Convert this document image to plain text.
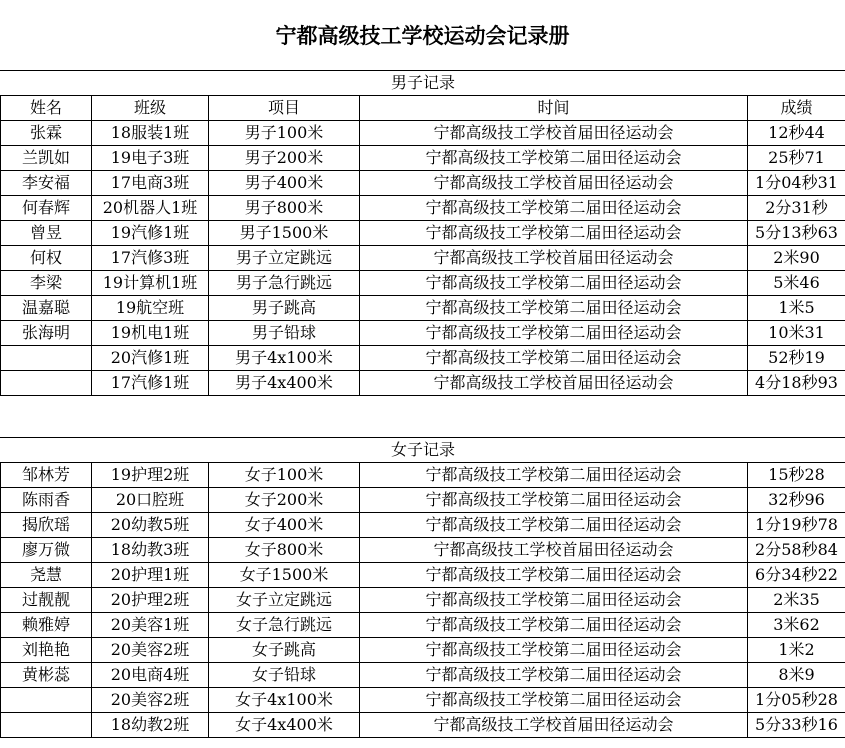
宁都高级技工学校运动会记录册
男子记录				
姓名	班级	项目	时间	成绩
张霖	18服装1班	男子100米	宁都高级技工学校首届田径运动会	12秒44
兰凯如	19电子3班	男子200米	宁都高级技工学校第二届田径运动会	25秒71
李安福	17电商3班	男子400米	宁都高级技工学校首届田径运动会	1分04秒31
何春辉	20机器人1班	男子800米	宁都高级技工学校第二届田径运动会	2分31秒
曾昱	19汽修1班	男子1500米	宁都高级技工学校第二届田径运动会	5分13秒63
何权	17汽修3班	男子立定跳远	宁都高级技工学校首届田径运动会	2米90
李梁	19计算机1班	男子急行跳远	宁都高级技工学校第二届田径运动会	5米46
温嘉聪	19航空班	男子跳高	宁都高级技工学校第二届田径运动会	1米5
张海明	19机电1班	男子铅球	宁都高级技工学校第二届田径运动会	10米31
	20汽修1班	男子4x100米	宁都高级技工学校第二届田径运动会	52秒19
	17汽修1班	男子4x400米	宁都高级技工学校首届田径运动会	4分18秒93
女子记录				
邹林芳	19护理2班	女子100米	宁都高级技工学校第二届田径运动会	15秒28
陈雨香	20口腔班	女子200米	宁都高级技工学校第二届田径运动会	32秒96
揭欣瑶	20幼教5班	女子400米	宁都高级技工学校第二届田径运动会	1分19秒78
廖万微	18幼教3班	女子800米	宁都高级技工学校首届田径运动会	2分58秒84
尧慧	20护理1班	女子1500米	宁都高级技工学校第二届田径运动会	6分34秒22
过靓靓	20护理2班	女子立定跳远	宁都高级技工学校第二届田径运动会	2米35
赖雅婷	20美容1班	女子急行跳远	宁都高级技工学校第二届田径运动会	3米62
刘艳艳	20美容2班	女子跳高	宁都高级技工学校第二届田径运动会	1米2
黄彬蕊	20电商4班	女子铅球	宁都高级技工学校第二届田径运动会	8米9
	20美容2班	女子4x100米	宁都高级技工学校第二届田径运动会	1分05秒28
	18幼教2班	女子4x400米	宁都高级技工学校首届田径运动会	5分33秒16
